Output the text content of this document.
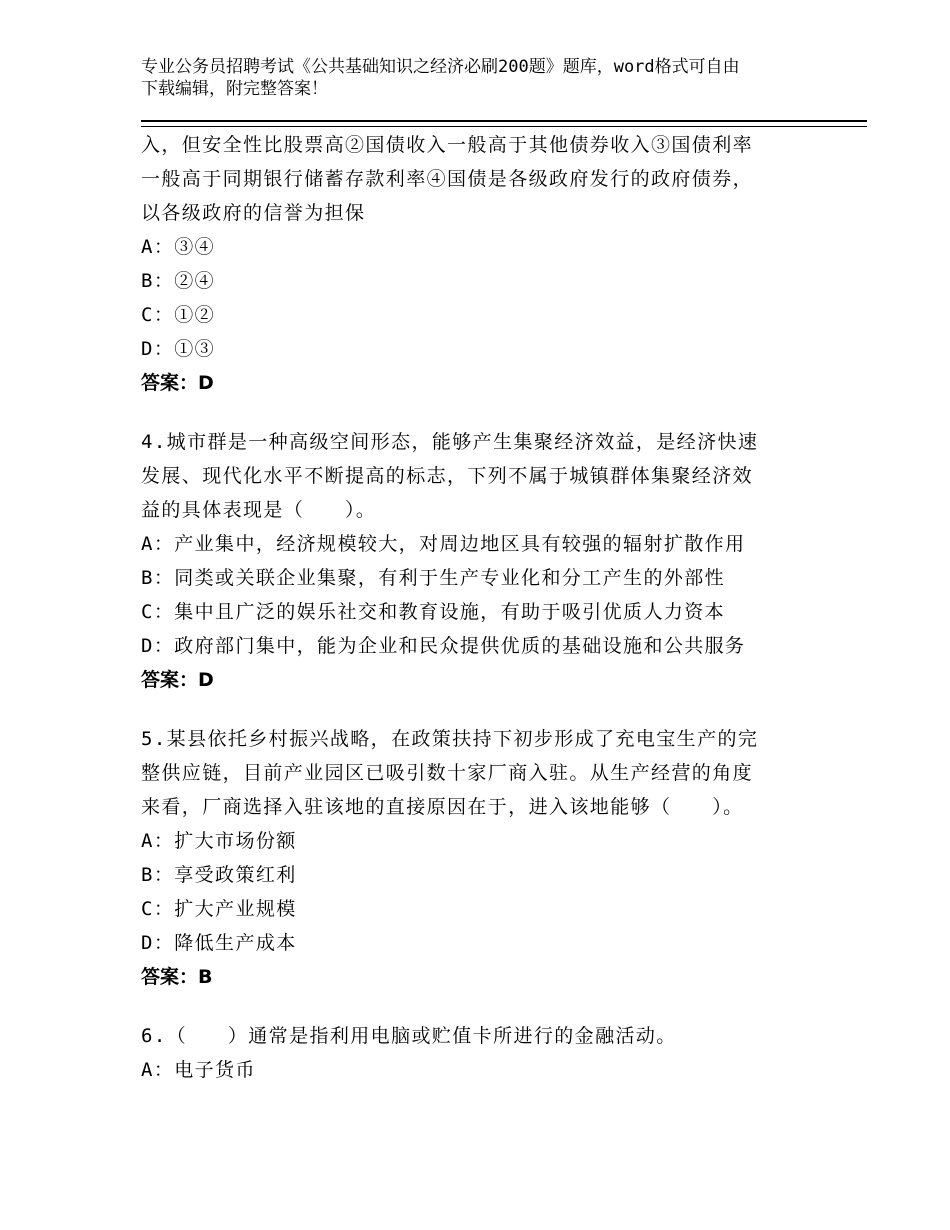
专业公务员招聘考试《公共基础知识之经济必刷200题》题库，word格式可自由
下载编辑，附完整答案！
入，但安全性比股票高②国债收入一般高于其他债券收入③国债利率
一般高于同期银行储蓄存款利率④国债是各级政府发行的政府债券，
以各级政府的信誉为担保
A：③④
B：②④
C：①②
D：①③
答案：D
4.城市群是一种高级空间形态，能够产生集聚经济效益，是经济快速
发展、现代化水平不断提高的标志，下列不属于城镇群体集聚经济效
益的具体表现是（　　）。
A：产业集中，经济规模较大，对周边地区具有较强的辐射扩散作用
B：同类或关联企业集聚，有利于生产专业化和分工产生的外部性
C：集中且广泛的娱乐社交和教育设施，有助于吸引优质人力资本
D：政府部门集中，能为企业和民众提供优质的基础设施和公共服务
答案：D
5.某县依托乡村振兴战略，在政策扶持下初步形成了充电宝生产的完
整供应链，目前产业园区已吸引数十家厂商入驻。从生产经营的角度
来看，厂商选择入驻该地的直接原因在于，进入该地能够（　　）。
A：扩大市场份额
B：享受政策红利
C：扩大产业规模
D：降低生产成本
答案：B
6.（　　）通常是指利用电脑或贮值卡所进行的金融活动。
A：电子货币
